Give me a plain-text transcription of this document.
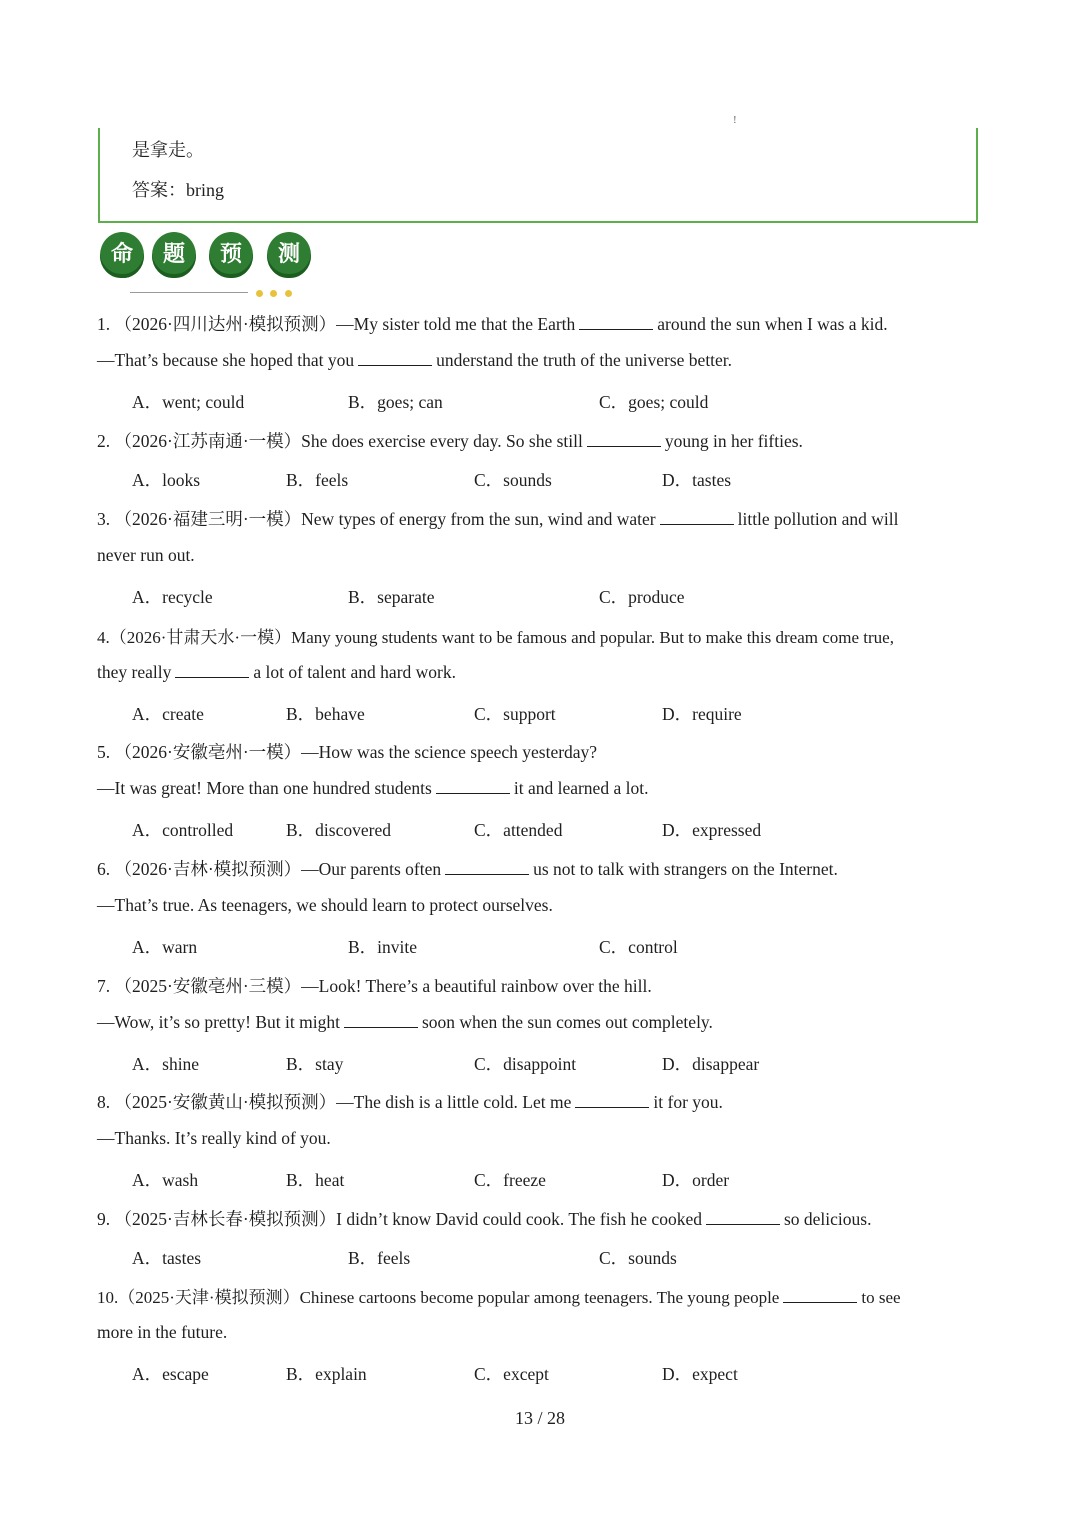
!
是拿走。
答案：bring
命	题	预	测
1. （2026·四川达州·模拟预测）—My sister told me that the Earth	around the sun when I was a kid.
—That’s because she hoped that you	understand the truth of the universe better.
A．went; could	B．goes; can	C．goes; could
2. （2026·江苏南通·一模）She does exercise every day. So she still	young in her fifties.
A．looks	B．feels	C．sounds	D．tastes
3. （2026·福建三明·一模）New types of energy from the sun, wind and water	little pollution and will
never run out.
A．recycle	B．separate	C．produce
4.（2026·甘肃天水·一模）Many young students want to be famous and popular. But to make this dream come true,
they really	a lot of talent and hard work.
A．create	B．behave	C．support	D．require
5. （2026·安徽亳州·一模）—How was the science speech yesterday?
—It was great! More than one hundred students	it and learned a lot.
A．controlled	B．discovered	C．attended	D．expressed
6. （2026·吉林·模拟预测）—Our parents often	us not to talk with strangers on the Internet.
—That’s true. As teenagers, we should learn to protect ourselves.
A．warn	B．invite	C．control
7. （2025·安徽亳州·三模）—Look! There’s a beautiful rainbow over the hill.
—Wow, it’s so pretty! But it might	soon when the sun comes out completely.
A．shine	B．stay	C．disappoint	D．disappear
8. （2025·安徽黄山·模拟预测）—The dish is a little cold. Let me	it for you.
—Thanks. It’s really kind of you.
A．wash	B．heat	C．freeze	D．order
9. （2025·吉林长春·模拟预测）I didn’t know David could cook. The fish he cooked	so delicious.
A．tastes	B．feels	C．sounds
10.（2025·天津·模拟预测）Chinese cartoons become popular among teenagers. The young people	to see
more in the future.
A．escape	B．explain	C．except	D．expect
13 / 28
